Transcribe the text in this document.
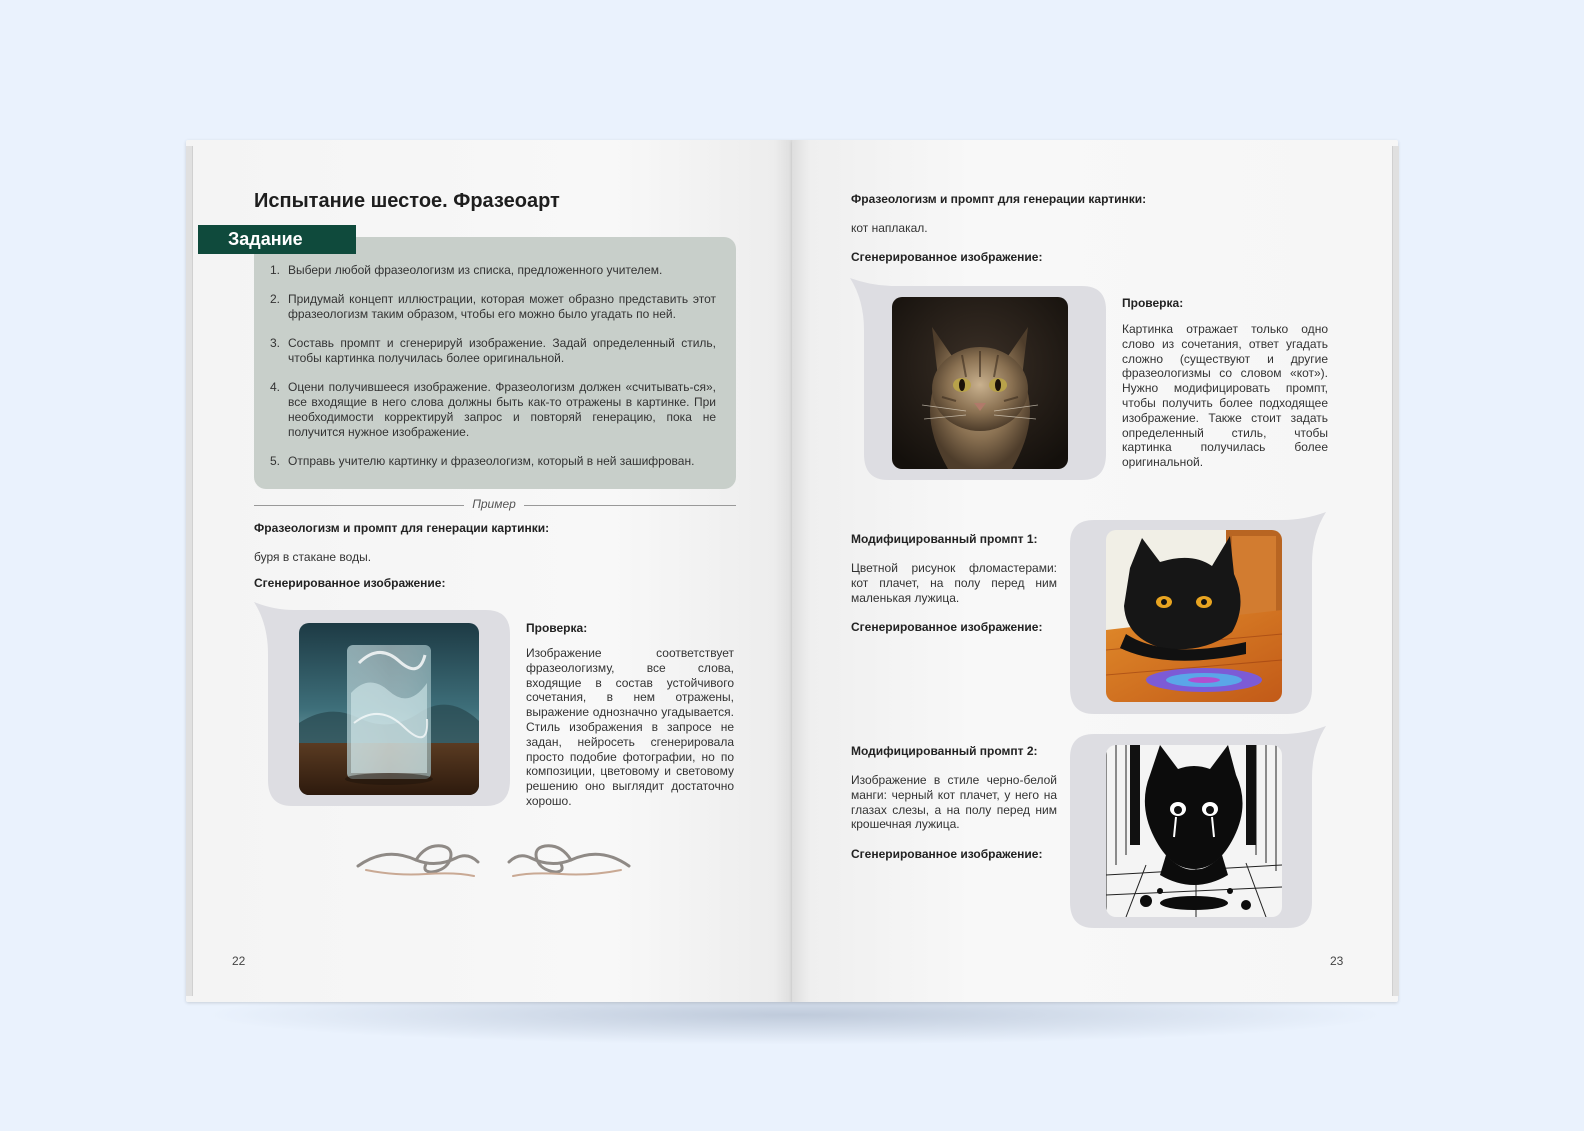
Испытание шестое. Фразеоарт
Задание
1. Выбери любой фразеологизм из списка, предложенного учителем.
2. Придумай концепт иллюстрации, которая может образно представить этот фразеологизм таким образом, чтобы его можно было угадать по ней.
3. Составь промпт и сгенерируй изображение. Задай определенный стиль, чтобы картинка получилась более оригинальной.
4. Оцени получившееся изображение. Фразеологизм должен «считывать-ся», все входящие в него слова должны быть как-то отражены в картинке. При необходимости корректируй запрос и повторяй генерацию, пока не получится нужное изображение.
5. Отправь учителю картинку и фразеологизм, который в ней зашифрован.
Пример
Фразеологизм и промпт для генерации картинки:
буря в стакане воды.
Сгенерированное изображение:
Проверка:
Изображение соответствует фразеологизму, все слова, входящие в состав устойчивого сочетания, в нем отражены, выражение однозначно угадывается. Стиль изображения в запросе не задан, нейросеть сгенерировала просто подобие фотографии, но по композиции, цветовому и световому решению оно выглядит достаточно хорошо.
22
Фразеологизм и промпт для генерации картинки:
кот наплакал.
Сгенерированное изображение:
Проверка:
Картинка отражает только одно слово из сочетания, ответ угадать сложно (существуют и другие фразеологизмы со словом «кот»). Нужно модифицировать промпт, чтобы получить более подходящее изображение. Также стоит задать определенный стиль, чтобы картинка получилась более оригинальной.
Модифицированный промпт 1:
Цветной рисунок фломастерами: кот плачет, на полу перед ним маленькая лужица.
Сгенерированное изображение:
Модифицированный промпт 2:
Изображение в стиле черно-белой манги: черный кот плачет, у него на глазах слезы, а на полу перед ним крошечная лужица.
Сгенерированное изображение:
23
